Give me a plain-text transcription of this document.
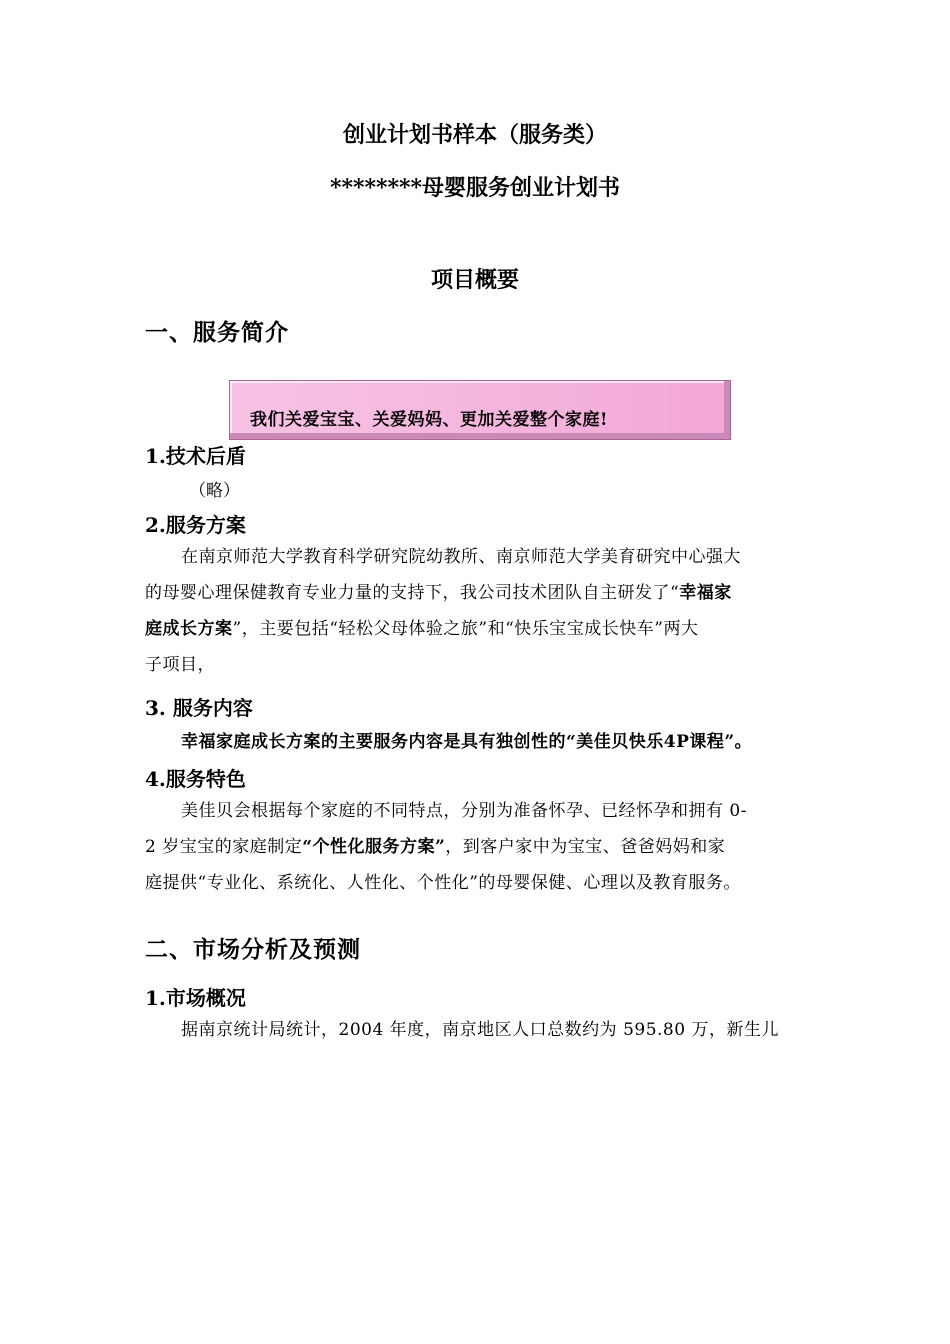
创业计划书样本（服务类）
********母婴服务创业计划书
项目概要
一、服务简介
我们关爱宝宝、关爱妈妈、更加关爱整个家庭!
1.技术后盾
（略）
2.服务方案
在南京师范大学教育科学研究院幼教所、南京师范大学美育研究中心强大
的母婴心理保健教育专业力量的支持下，我公司技术团队自主研发了“幸福家
庭成长方案”，主要包括“轻松父母体验之旅”和“快乐宝宝成长快车”两大
子项目，
3. 服务内容
幸福家庭成长方案的主要服务内容是具有独创性的“美佳贝快乐4P课程”。
4.服务特色
美佳贝会根据每个家庭的不同特点，分别为准备怀孕、已经怀孕和拥有 0-
2 岁宝宝的家庭制定“个性化服务方案”，到客户家中为宝宝、爸爸妈妈和家
庭提供“专业化、系统化、人性化、个性化”的母婴保健、心理以及教育服务。
二、市场分析及预测
1.市场概况
据南京统计局统计，2004 年度，南京地区人口总数约为 595.80 万，新生儿
